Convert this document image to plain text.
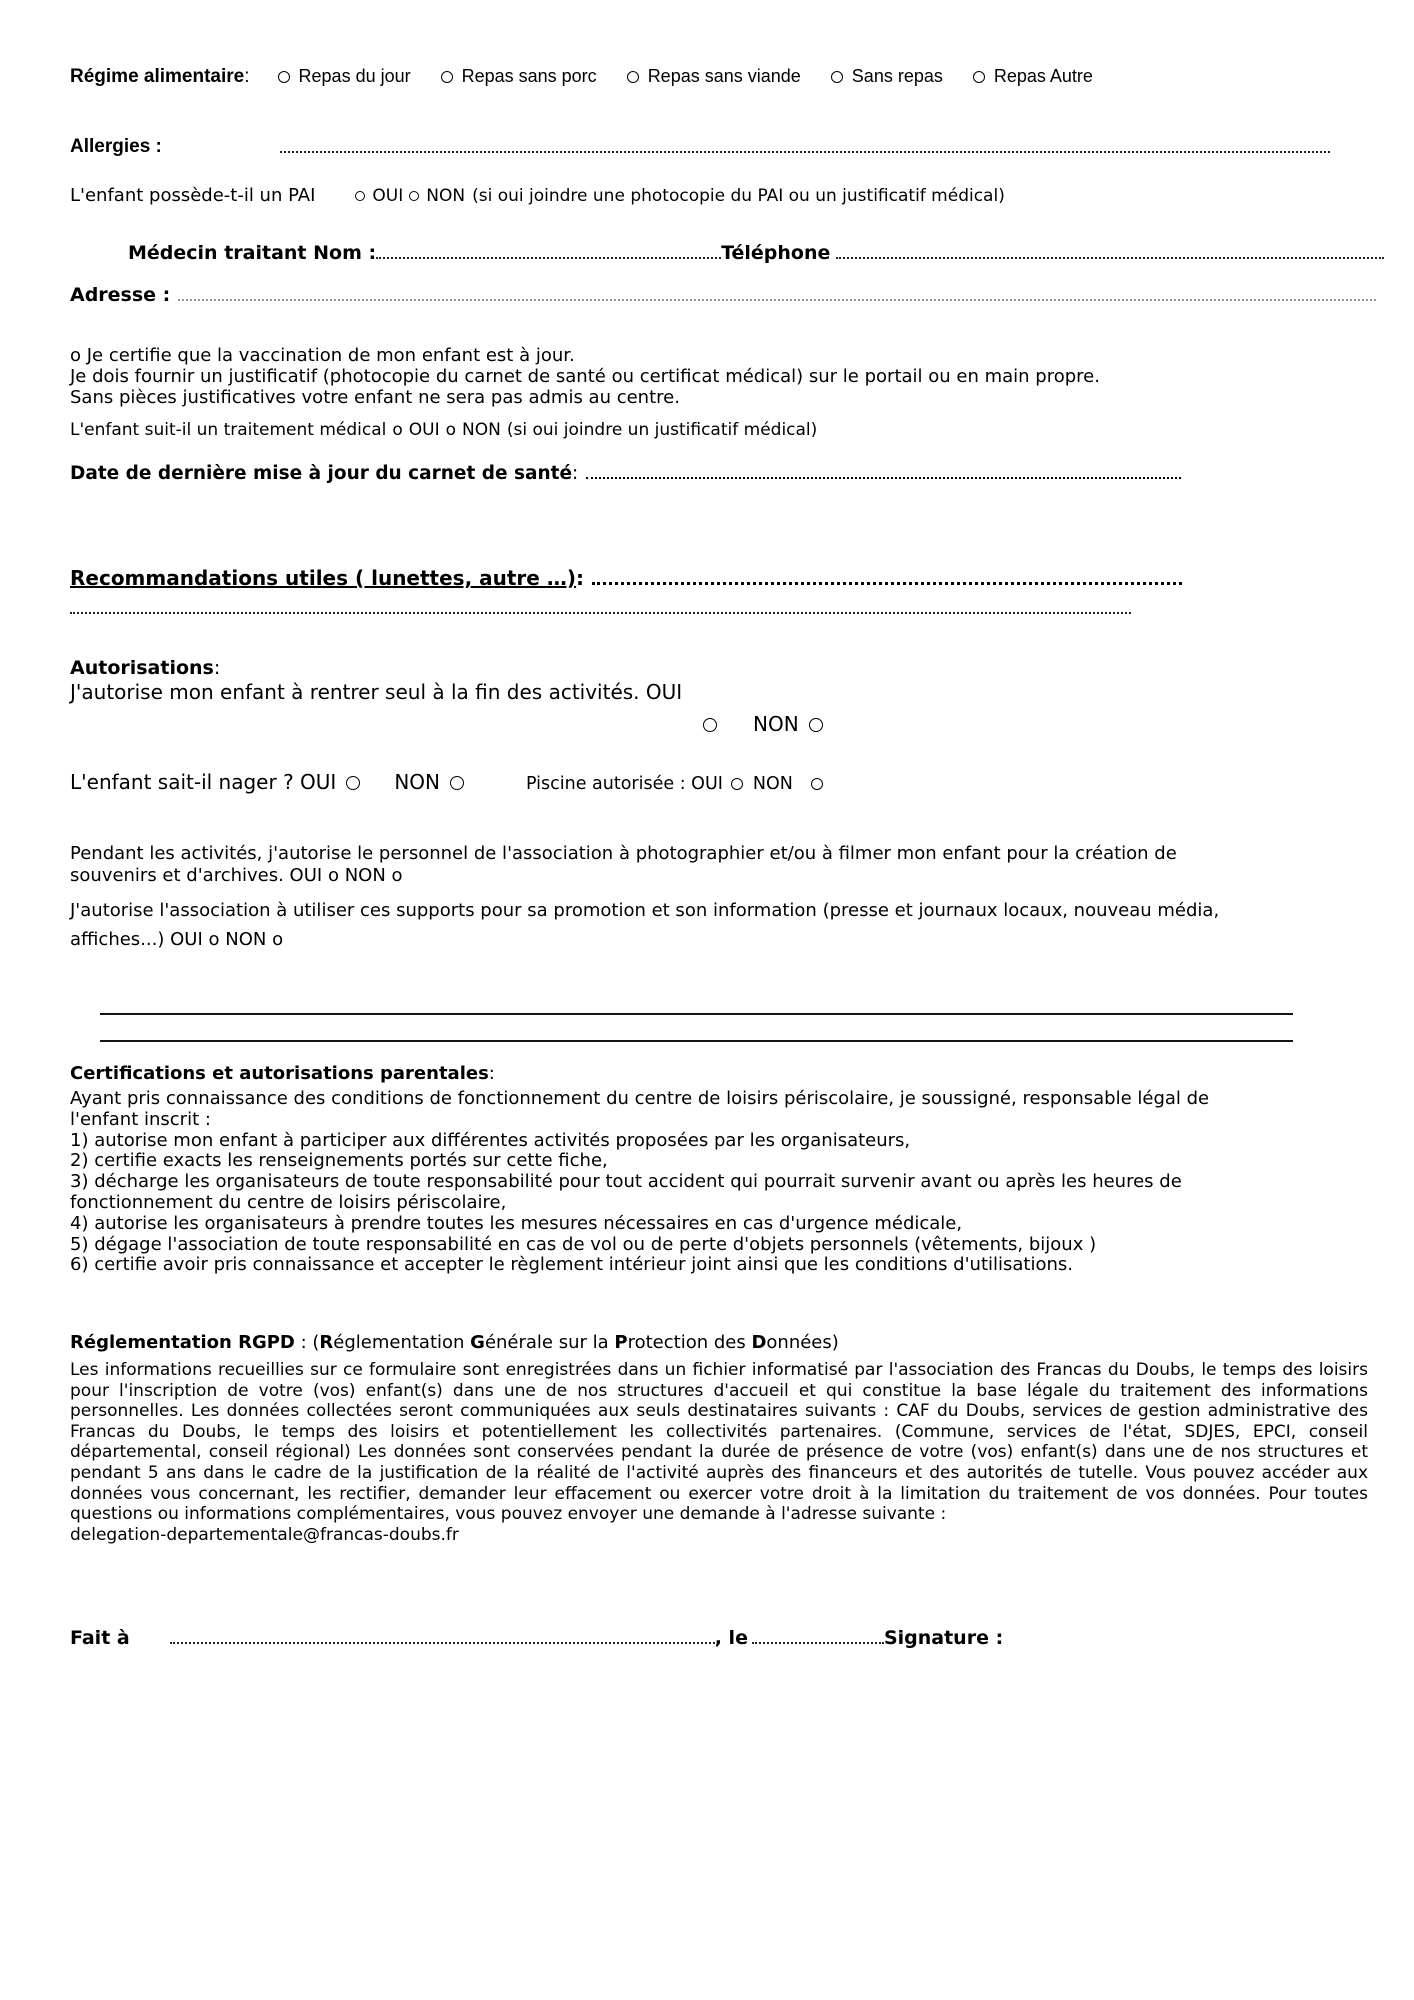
Régime alimentaire :	Repas du jour	Repas sans porc	Repas sans viande	Sans repas	Repas Autre
Allergies :
L'enfant possède-t-il un PAI	OUI NON (si oui joindre une photocopie du PAI ou un justificatif médical)
Médecin traitant Nom :	Téléphone
Adresse :
o Je certifie que la vaccination de mon enfant est à jour.
Je dois fournir un justificatif (photocopie du carnet de santé ou certificat médical) sur le portail ou en main propre.
Sans pièces justificatives votre enfant ne sera pas admis au centre.
L'enfant suit-il un traitement médical o OUI o NON (si oui joindre un justificatif médical)
Date de dernière mise à jour du carnet de santé :
Recommandations utiles ( lunettes, autre …) :
Autorisations :
J'autorise mon enfant à rentrer seul à la fin des activités. OUI
NON
L'enfant sait-il nager ? OUI	NON	Piscine autorisée : OUI NON
Pendant les activités, j'autorise le personnel de l'association à photographier et/ou à filmer mon enfant pour la création de
souvenirs et d'archives. OUI o NON o
J'autorise l'association à utiliser ces supports pour sa promotion et son information (presse et journaux locaux, nouveau média,
affiches...) OUI o NON o
Certifications et autorisations parentales :
Ayant pris connaissance des conditions de fonctionnement du centre de loisirs périscolaire, je soussigné, responsable légal de
l'enfant inscrit :
1) autorise mon enfant à participer aux différentes activités proposées par les organisateurs,
2) certifie exacts les renseignements portés sur cette fiche,
3) décharge les organisateurs de toute responsabilité pour tout accident qui pourrait survenir avant ou après les heures de
fonctionnement du centre de loisirs périscolaire,
4) autorise les organisateurs à prendre toutes les mesures nécessaires en cas d'urgence médicale,
5) dégage l'association de toute responsabilité en cas de vol ou de perte d'objets personnels (vêtements, bijoux )
6) certifie avoir pris connaissance et accepter le règlement intérieur joint ainsi que les conditions d'utilisations.
Réglementation RGPD : (Réglementation Générale sur la Protection des Données)
Les informations recueillies sur ce formulaire sont enregistrées dans un fichier informatisé par l'association des Francas du Doubs, le temps des loisirs pour l'inscription de votre (vos) enfant(s) dans une de nos structures d'accueil et qui constitue la base légale du traitement des informations personnelles. Les données collectées seront communiquées aux seuls destinataires suivants : CAF du Doubs, services de gestion administrative des Francas du Doubs, le temps des loisirs et potentiellement les collectivités partenaires. (Commune, services de l'état, SDJES, EPCI, conseil départemental, conseil régional) Les données sont conservées pendant la durée de présence de votre (vos) enfant(s) dans une de nos structures et pendant 5 ans dans le cadre de la justification de la réalité de l'activité auprès des financeurs et des autorités de tutelle. Vous pouvez accéder aux données vous concernant, les rectifier, demander leur effacement ou exercer votre droit à la limitation du traitement de vos données. Pour toutes questions ou informations complémentaires, vous pouvez envoyer une demande à l'adresse suivante :
delegation-departementale@francas-doubs.fr
Fait à	, le	Signature :
